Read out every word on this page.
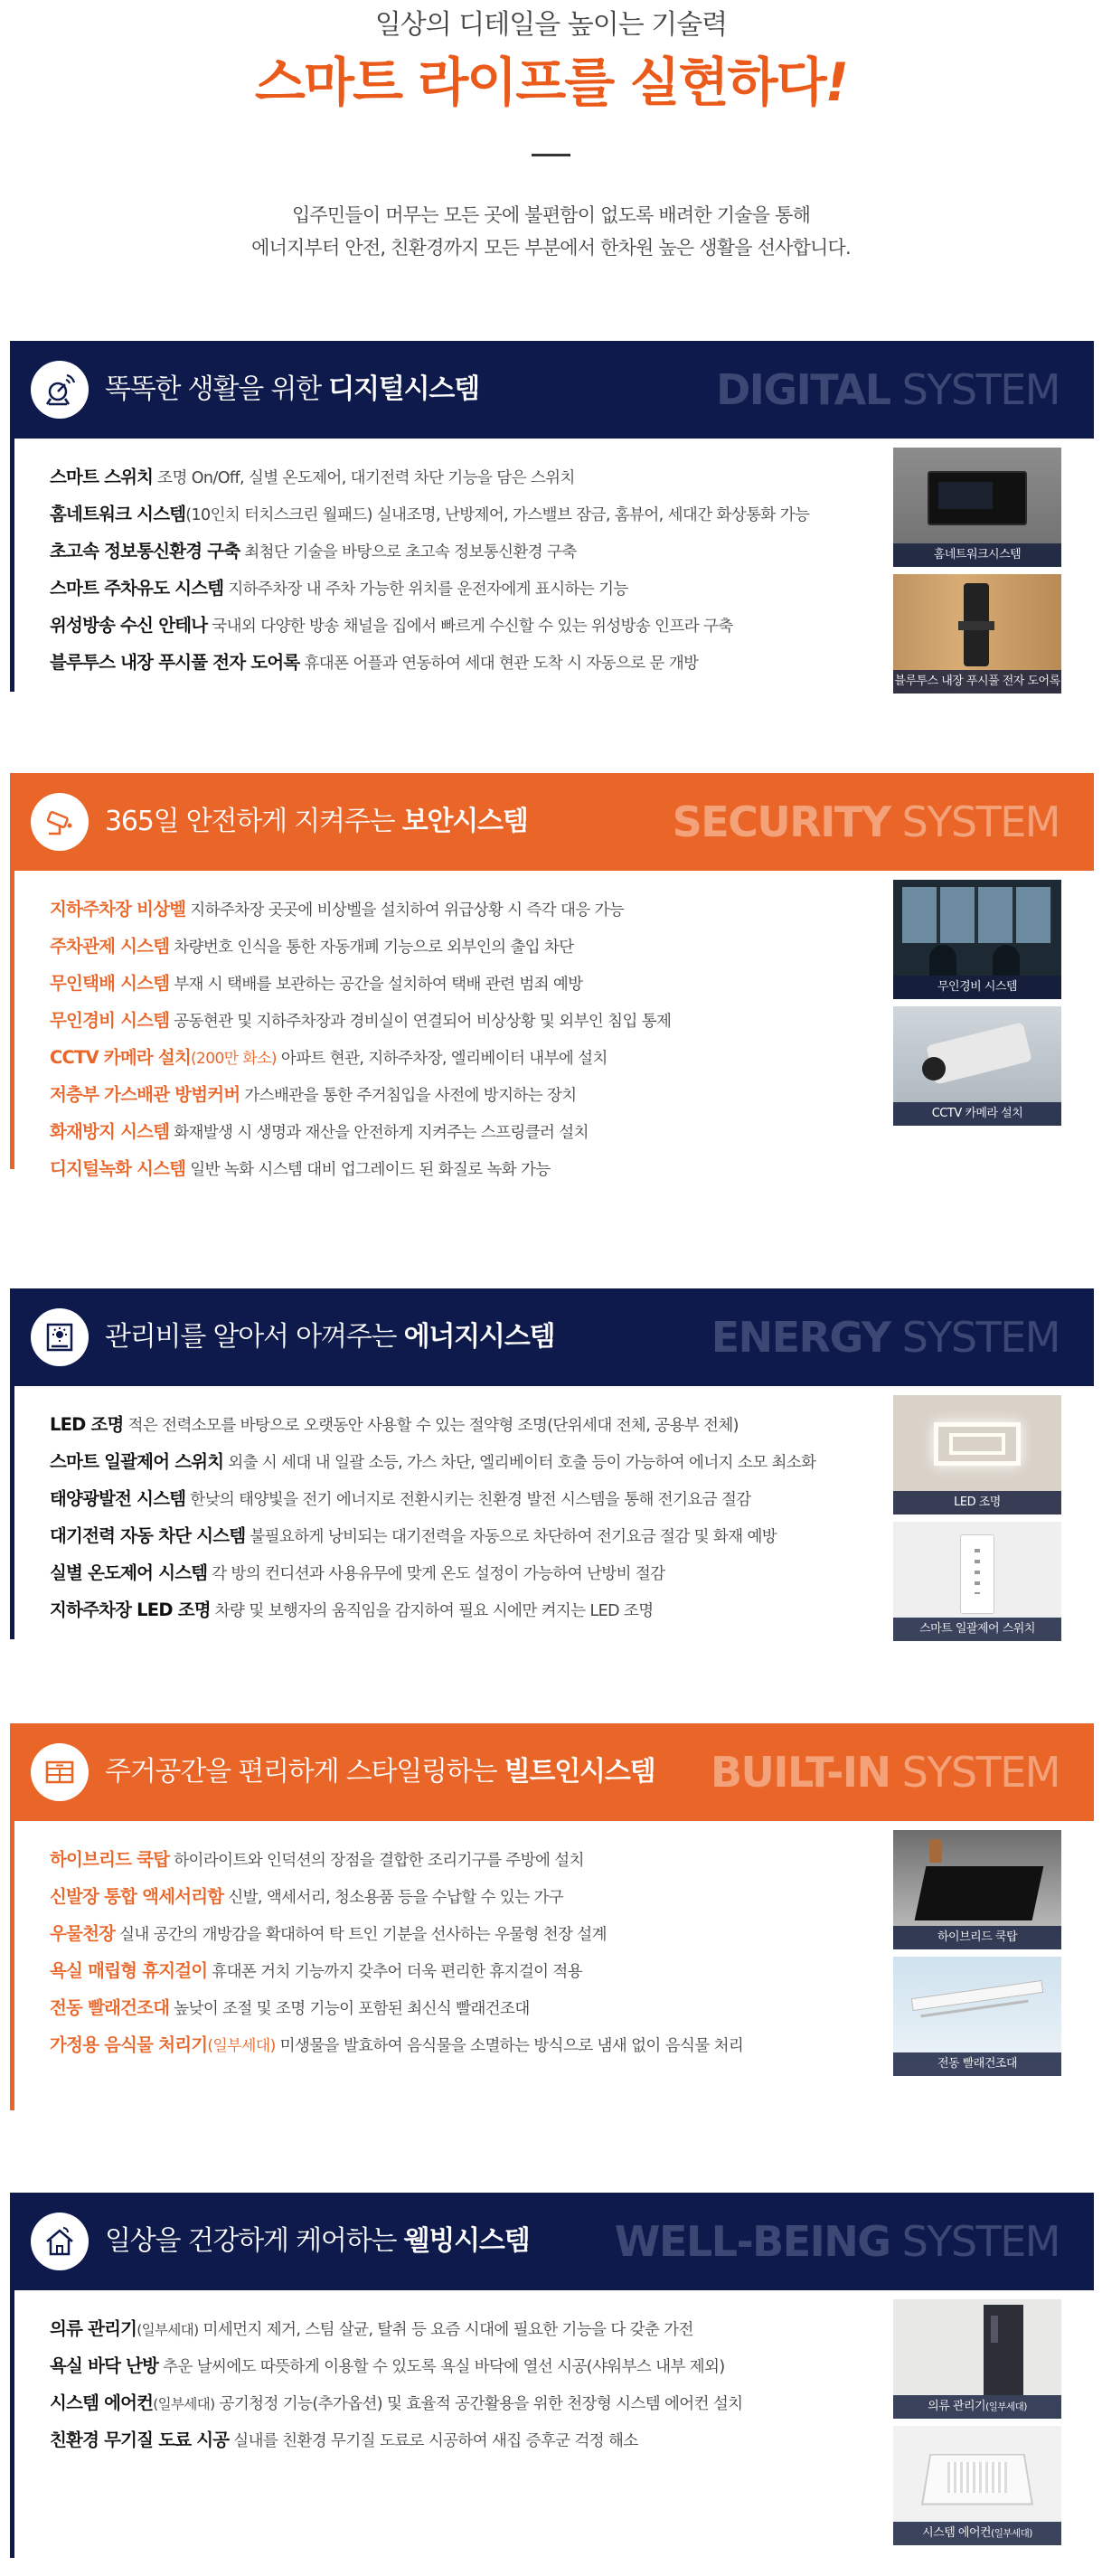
일상의 디테일을 높이는 기술력
스마트 라이프를 실현하다!
입주민들이 머무는 모든 곳에 불편함이 없도록 배려한 기술을 통해
에너지부터 안전, 친환경까지 모든 부분에서 한차원 높은 생활을 선사합니다.
똑똑한 생활을 위한 디지털시스템	DIGITAL SYSTEM
스마트 스위치 조명 On/Off, 실별 온도제어, 대기전력 차단 기능을 담은 스위치
홈네트워크 시스템(10인치 터치스크린 월패드) 실내조명, 난방제어, 가스밸브 잠금, 홈뷰어, 세대간 화상통화 가능
초고속 정보통신환경 구축 최첨단 기술을 바탕으로 초고속 정보통신환경 구축
스마트 주차유도 시스템 지하주차장 내 주차 가능한 위치를 운전자에게 표시하는 기능
위성방송 수신 안테나 국내외 다양한 방송 채널을 집에서 빠르게 수신할 수 있는 위성방송 인프라 구축
블루투스 내장 푸시풀 전자 도어록 휴대폰 어플과 연동하여 세대 현관 도착 시 자동으로 문 개방
홈네트워크시스템
블루투스 내장 푸시풀 전자 도어록
365일 안전하게 지켜주는 보안시스템	SECURITY SYSTEM
지하주차장 비상벨 지하주차장 곳곳에 비상벨을 설치하여 위급상황 시 즉각 대응 가능
주차관제 시스템 차량번호 인식을 통한 자동개폐 기능으로 외부인의 출입 차단
무인택배 시스템 부재 시 택배를 보관하는 공간을 설치하여 택배 관련 범죄 예방
무인경비 시스템 공동현관 및 지하주차장과 경비실이 연결되어 비상상황 및 외부인 침입 통제
CCTV 카메라 설치(200만 화소) 아파트 현관, 지하주차장, 엘리베이터 내부에 설치
저층부 가스배관 방범커버 가스배관을 통한 주거침입을 사전에 방지하는 장치
화재방지 시스템 화재발생 시 생명과 재산을 안전하게 지켜주는 스프링클러 설치
디지털녹화 시스템 일반 녹화 시스템 대비 업그레이드 된 화질로 녹화 가능
무인경비 시스템
CCTV 카메라 설치
관리비를 알아서 아껴주는 에너지시스템	ENERGY SYSTEM
LED 조명 적은 전력소모를 바탕으로 오랫동안 사용할 수 있는 절약형 조명(단위세대 전체, 공용부 전체)
스마트 일괄제어 스위치 외출 시 세대 내 일괄 소등, 가스 차단, 엘리베이터 호출 등이 가능하여 에너지 소모 최소화
태양광발전 시스템 한낮의 태양빛을 전기 에너지로 전환시키는 친환경 발전 시스템을 통해 전기요금 절감
대기전력 자동 차단 시스템 불필요하게 낭비되는 대기전력을 자동으로 차단하여 전기요금 절감 및 화재 예방
실별 온도제어 시스템 각 방의 컨디션과 사용유무에 맞게 온도 설정이 가능하여 난방비 절감
지하주차장 LED 조명 차량 및 보행자의 움직임을 감지하여 필요 시에만 켜지는 LED 조명
LED 조명
스마트 일괄제어 스위치
주거공간을 편리하게 스타일링하는 빌트인시스템 BUILT-IN SYSTEM
하이브리드 쿡탑 하이라이트와 인덕션의 장점을 결합한 조리기구를 주방에 설치
신발장 통합 액세서리함 신발, 액세서리, 청소용품 등을 수납할 수 있는 가구
우물천장 실내 공간의 개방감을 확대하여 탁 트인 기분을 선사하는 우물형 천장 설계
욕실 매립형 휴지걸이 휴대폰 거치 기능까지 갖추어 더욱 편리한 휴지걸이 적용
전동 빨래건조대 높낮이 조절 및 조명 기능이 포함된 최신식 빨래건조대
가정용 음식물 처리기(일부세대) 미생물을 발효하여 음식물을 소멸하는 방식으로 냄새 없이 음식물 처리
하이브리드 쿡탑
전동 빨래건조대
일상을 건강하게 케어하는 웰빙시스템 WELL-BEING SYSTEM
의류 관리기(일부세대) 미세먼지 제거, 스팀 살균, 탈취 등 요즘 시대에 필요한 기능을 다 갖춘 가전
욕실 바닥 난방 추운 날씨에도 따뜻하게 이용할 수 있도록 욕실 바닥에 열선 시공(샤워부스 내부 제외)
시스템 에어컨(일부세대) 공기청정 기능(추가옵션) 및 효율적 공간활용을 위한 천장형 시스템 에어컨 설치
친환경 무기질 도료 시공 실내를 친환경 무기질 도료로 시공하여 새집 증후군 걱정 해소
의류 관리기(일부세대)
시스템 에어컨(일부세대)
